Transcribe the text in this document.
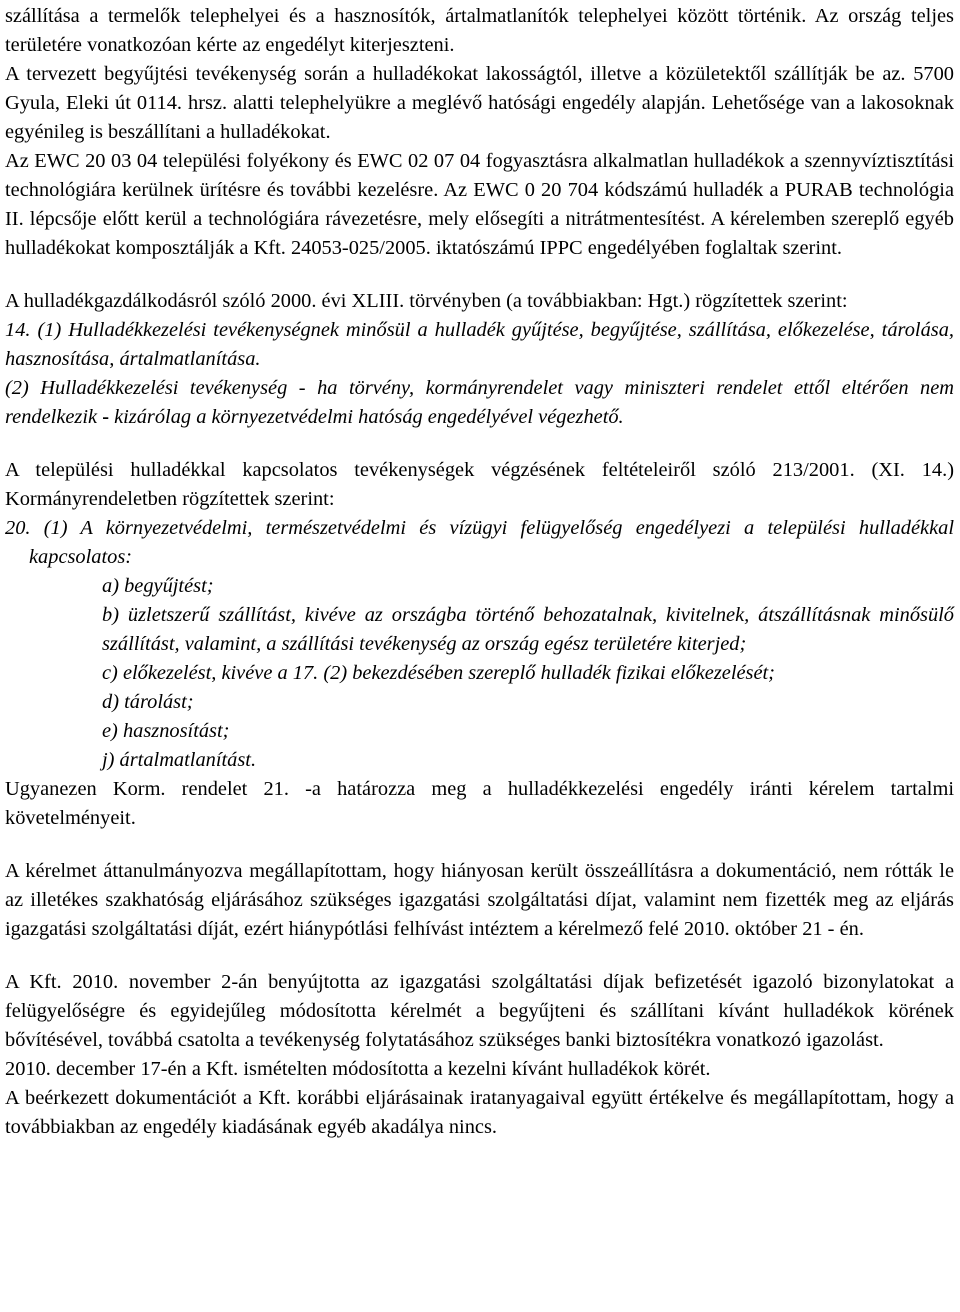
szállítása a termelők telephelyei és a hasznosítók, ártalmatlanítók telephelyei között történik. Az ország teljes területére vonatkozóan kérte az engedélyt kiterjeszteni.

A tervezett begyűjtési tevékenység során a hulladékokat lakosságtól, illetve a közületektől szállítják be az. 5700 Gyula, Eleki út 0114. hrsz. alatti telephelyükre a meglévő hatósági engedély alapján. Lehetősége van a lakosoknak egyénileg is beszállítani a hulladékokat.

Az EWC 20 03 04 települési folyékony és EWC 02 07 04 fogyasztásra alkalmatlan hulladékok a szennyvíztisztítási technológiára kerülnek ürítésre és további kezelésre. Az EWC 0 20 704 kódszámú hulladék a PURAB technológia II. lépcsője előtt kerül a technológiára rávezetésre, mely elősegíti a nitrátmentesítést. A kérelemben szereplő egyéb hulladékokat komposztálják a Kft. 24053-025/2005. iktatószámú IPPC engedélyében foglaltak szerint.

A hulladékgazdálkodásról szóló 2000. évi XLIII. törvényben (a továbbiakban: Hgt.) rögzítettek szerint:

14. (1) Hulladékkezelési tevékenységnek minősül a hulladék gyűjtése, begyűjtése, szállítása, előkezelése, tárolása, hasznosítása, ártalmatlanítása.

(2) Hulladékkezelési tevékenység - ha törvény, kormányrendelet vagy miniszteri rendelet ettől eltérően nem rendelkezik - kizárólag a környezetvédelmi hatóság engedélyével végezhető.

A települési hulladékkal kapcsolatos tevékenységek végzésének feltételeiről szóló 213/2001. (XI. 14.) Kormányrendeletben rögzítettek szerint:

20. (1) A környezetvédelmi, természetvédelmi és vízügyi felügyelőség engedélyezi a települési hulladékkal kapcsolatos:

a) begyűjtést;

b) üzletszerű szállítást, kivéve az országba történő behozatalnak, kivitelnek, átszállításnak minősülő szállítást, valamint, a szállítási tevékenység az ország egész területére kiterjed;

c) előkezelést, kivéve a 17. (2) bekezdésében szereplő hulladék fizikai előkezelését;

d) tárolást;

e) hasznosítást;

j) ártalmatlanítást.

Ugyanezen Korm. rendelet 21. -a határozza meg a hulladékkezelési engedély iránti kérelem tartalmi követelményeit.

A kérelmet áttanulmányozva megállapítottam, hogy hiányosan került összeállításra a dokumentáció, nem rótták le az illetékes szakhatóság eljárásához szükséges igazgatási szolgáltatási díjat, valamint nem fizették meg az eljárás igazgatási szolgáltatási díját, ezért hiánypótlási felhívást intéztem a kérelmező felé 2010. október 21 - én.

A Kft. 2010. november 2-án benyújtotta az igazgatási szolgáltatási díjak befizetését igazoló bizonylatokat a felügyelőségre és egyidejűleg módosította kérelmét a begyűjteni és szállítani kívánt hulladékok körének bővítésével, továbbá csatolta a tevékenység folytatásához szükséges banki biztosítékra vonatkozó igazolást.

2010. december 17-én a Kft. ismételten módosította a kezelni kívánt hulladékok körét.

A beérkezett dokumentációt a Kft. korábbi eljárásainak iratanyagaival együtt értékelve és megállapítottam, hogy a továbbiakban az engedély kiadásának egyéb akadálya nincs.
